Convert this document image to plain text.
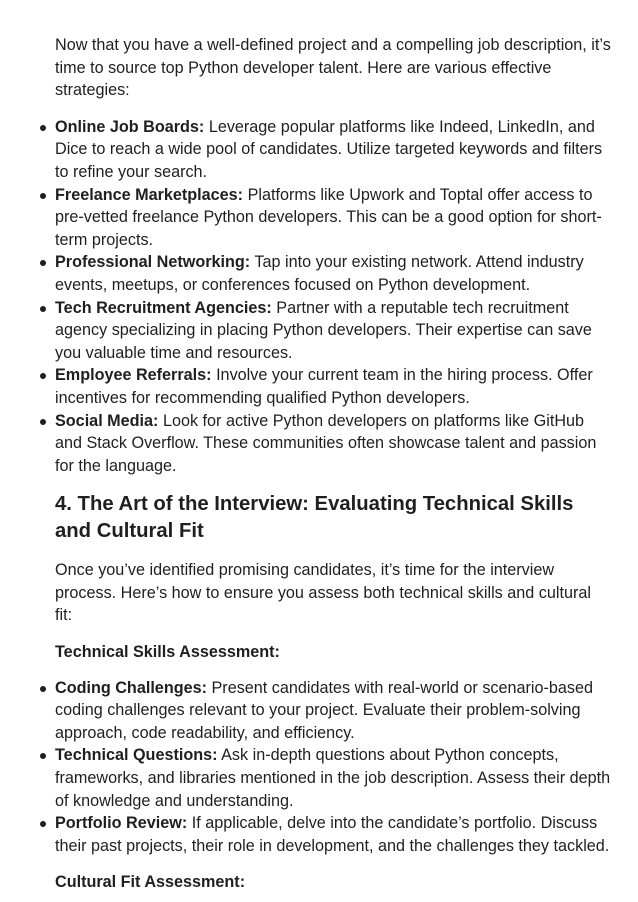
Now that you have a well-defined project and a compelling job description, it’s time to source top Python developer talent. Here are various effective strategies:

Online Job Boards: Leverage popular platforms like Indeed, LinkedIn, and Dice to reach a wide pool of candidates. Utilize targeted keywords and filters to refine your search.
Freelance Marketplaces: Platforms like Upwork and Toptal offer access to pre-vetted freelance Python developers. This can be a good option for short-term projects.
Professional Networking: Tap into your existing network. Attend industry events, meetups, or conferences focused on Python development.
Tech Recruitment Agencies: Partner with a reputable tech recruitment agency specializing in placing Python developers. Their expertise can save you valuable time and resources.
Employee Referrals: Involve your current team in the hiring process. Offer incentives for recommending qualified Python developers.
Social Media: Look for active Python developers on platforms like GitHub and Stack Overflow. These communities often showcase talent and passion for the language.
4. The Art of the Interview: Evaluating Technical Skills and Cultural Fit

Once you’ve identified promising candidates, it’s time for the interview process. Here’s how to ensure you assess both technical skills and cultural fit:

Technical Skills Assessment:

Coding Challenges: Present candidates with real-world or scenario-based coding challenges relevant to your project. Evaluate their problem-solving approach, code readability, and efficiency.
Technical Questions: Ask in-depth questions about Python concepts, frameworks, and libraries mentioned in the job description. Assess their depth of knowledge and understanding.
Portfolio Review: If applicable, delve into the candidate’s portfolio. Discuss their past projects, their role in development, and the challenges they tackled.

Cultural Fit Assessment:
